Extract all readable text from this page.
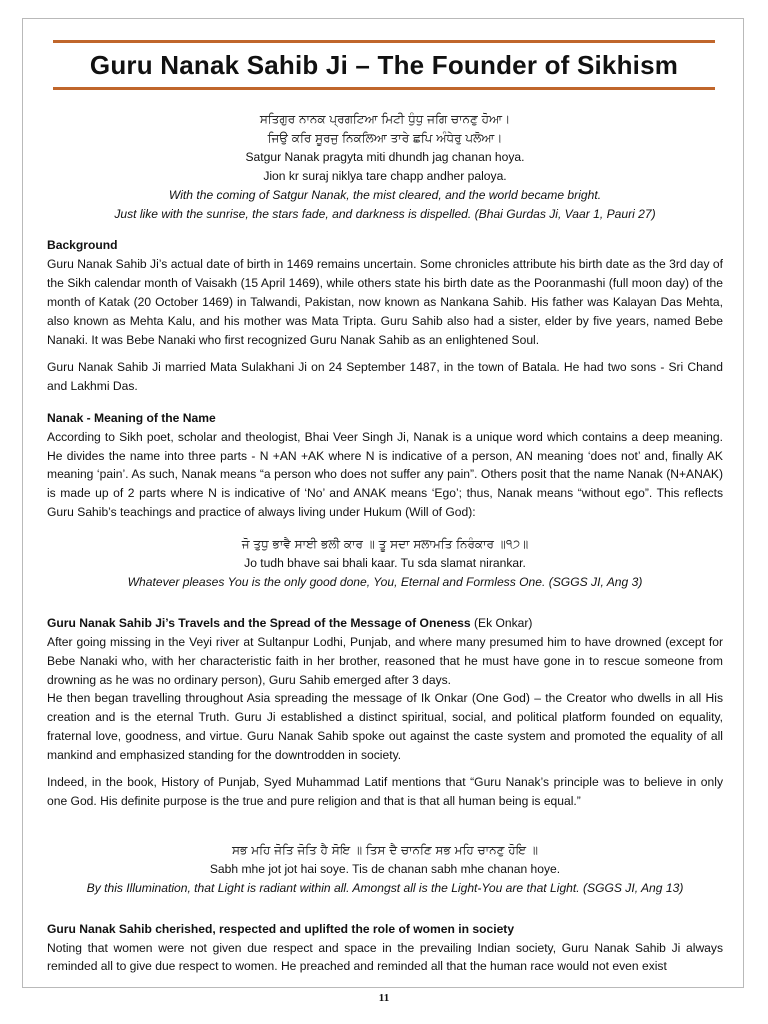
Guru Nanak Sahib Ji – The Founder of Sikhism
ਸਤਿਗੁਰ ਨਾਨਕ ਪ੍ਰਗਟਿਆ ਮਿਟੀ ਧੁੰਧੁ ਜਗਿ ਚਾਨਣੁ ਹੋਆ।
ਜਿਉ ਕਰਿ ਸੂਰਜੁ ਨਿਕਲਿਆ ਤਾਰੇ ਛਪਿ ਅੰਧੇਰੁ ਪਲੋਆ।
Satgur Nanak pragyta miti dhundh jag chanan hoya.
Jion kr suraj niklya tare chapp andher paloya.
With the coming of Satgur Nanak, the mist cleared, and the world became bright.
Just like with the sunrise, the stars fade, and darkness is dispelled. (Bhai Gurdas Ji, Vaar 1, Pauri 27)
Background

Guru Nanak Sahib Ji’s actual date of birth in 1469 remains uncertain. Some chronicles attribute his birth date as the 3rd day of the Sikh calendar month of Vaisakh (15 April 1469), while others state his birth date as the Pooranmashi (full moon day) of the month of Katak (20 October 1469) in Talwandi, Pakistan, now known as Nankana Sahib. His father was Kalayan Das Mehta, also known as Mehta Kalu, and his mother was Mata Tripta. Guru Sahib also had a sister, elder by five years, named Bebe Nanaki. It was Bebe Nanaki who first recognized Guru Nanak Sahib as an enlightened Soul.

Guru Nanak Sahib Ji married Mata Sulakhani Ji on 24 September 1487, in the town of Batala. He had two sons - Sri Chand and Lakhmi Das.

Nanak - Meaning of the Name

According to Sikh poet, scholar and theologist, Bhai Veer Singh Ji, Nanak is a unique word which contains a deep meaning. He divides the name into three parts - N +AN +AK where N is indicative of a person, AN meaning ‘does not’ and, finally AK meaning ‘pain’. As such, Nanak means “a person who does not suffer any pain”. Others posit that the name Nanak (N+ANAK) is made up of 2 parts where N is indicative of ‘No’ and ANAK means ‘Ego’; thus, Nanak means “without ego”. This reflects Guru Sahib’s teachings and practice of always living under Hukum (Will of God):

ਜੋ ਤੁਧੁ ਭਾਵੈ ਸਾਈ ਭਲੀ ਕਾਰ ॥ ਤੂ ਸਦਾ ਸਲਾਮਤਿ ਨਿਰੰਕਾਰ ॥੧੭॥
Jo tudh bhave sai bhali kaar. Tu sda slamat nirankar.
Whatever pleases You is the only good done, You, Eternal and Formless One. (SGGS JI, Ang 3)
Guru Nanak Sahib Ji’s Travels and the Spread of the Message of Oneness (Ek Onkar)

After going missing in the Veyi river at Sultanpur Lodhi, Punjab, and where many presumed him to have drowned (except for Bebe Nanaki who, with her characteristic faith in her brother, reasoned that he must have gone in to rescue someone from drowning as he was no ordinary person), Guru Sahib emerged after 3 days.

He then began travelling throughout Asia spreading the message of Ik Onkar (One God) – the Creator who dwells in all His creation and is the eternal Truth. Guru Ji established a distinct spiritual, social, and political platform founded on equality, fraternal love, goodness, and virtue. Guru Nanak Sahib spoke out against the caste system and promoted the equality of all mankind and emphasized standing for the downtrodden in society.

Indeed, in the book, History of Punjab, Syed Muhammad Latif mentions that “Guru Nanak’s principle was to believe in only one God. His definite purpose is the true and pure religion and that is that all human being is equal.”

ਸਭ ਮਹਿ ਜੋਤਿ ਜੋਤਿ ਹੈ ਸੋਇ ॥ ਤਿਸ ਦੈ ਚਾਨਣਿ ਸਭ ਮਹਿ ਚਾਨਣੁ ਹੋਇ ॥
Sabh mhe jot jot hai soye. Tis de chanan sabh mhe chanan hoye.
By this Illumination, that Light is radiant within all. Amongst all is the Light-You are that Light. (SGGS JI, Ang 13)
Guru Nanak Sahib cherished, respected and uplifted the role of women in society

Noting that women were not given due respect and space in the prevailing Indian society, Guru Nanak Sahib Ji always reminded all to give due respect to women. He preached and reminded all that the human race would not even exist

11
